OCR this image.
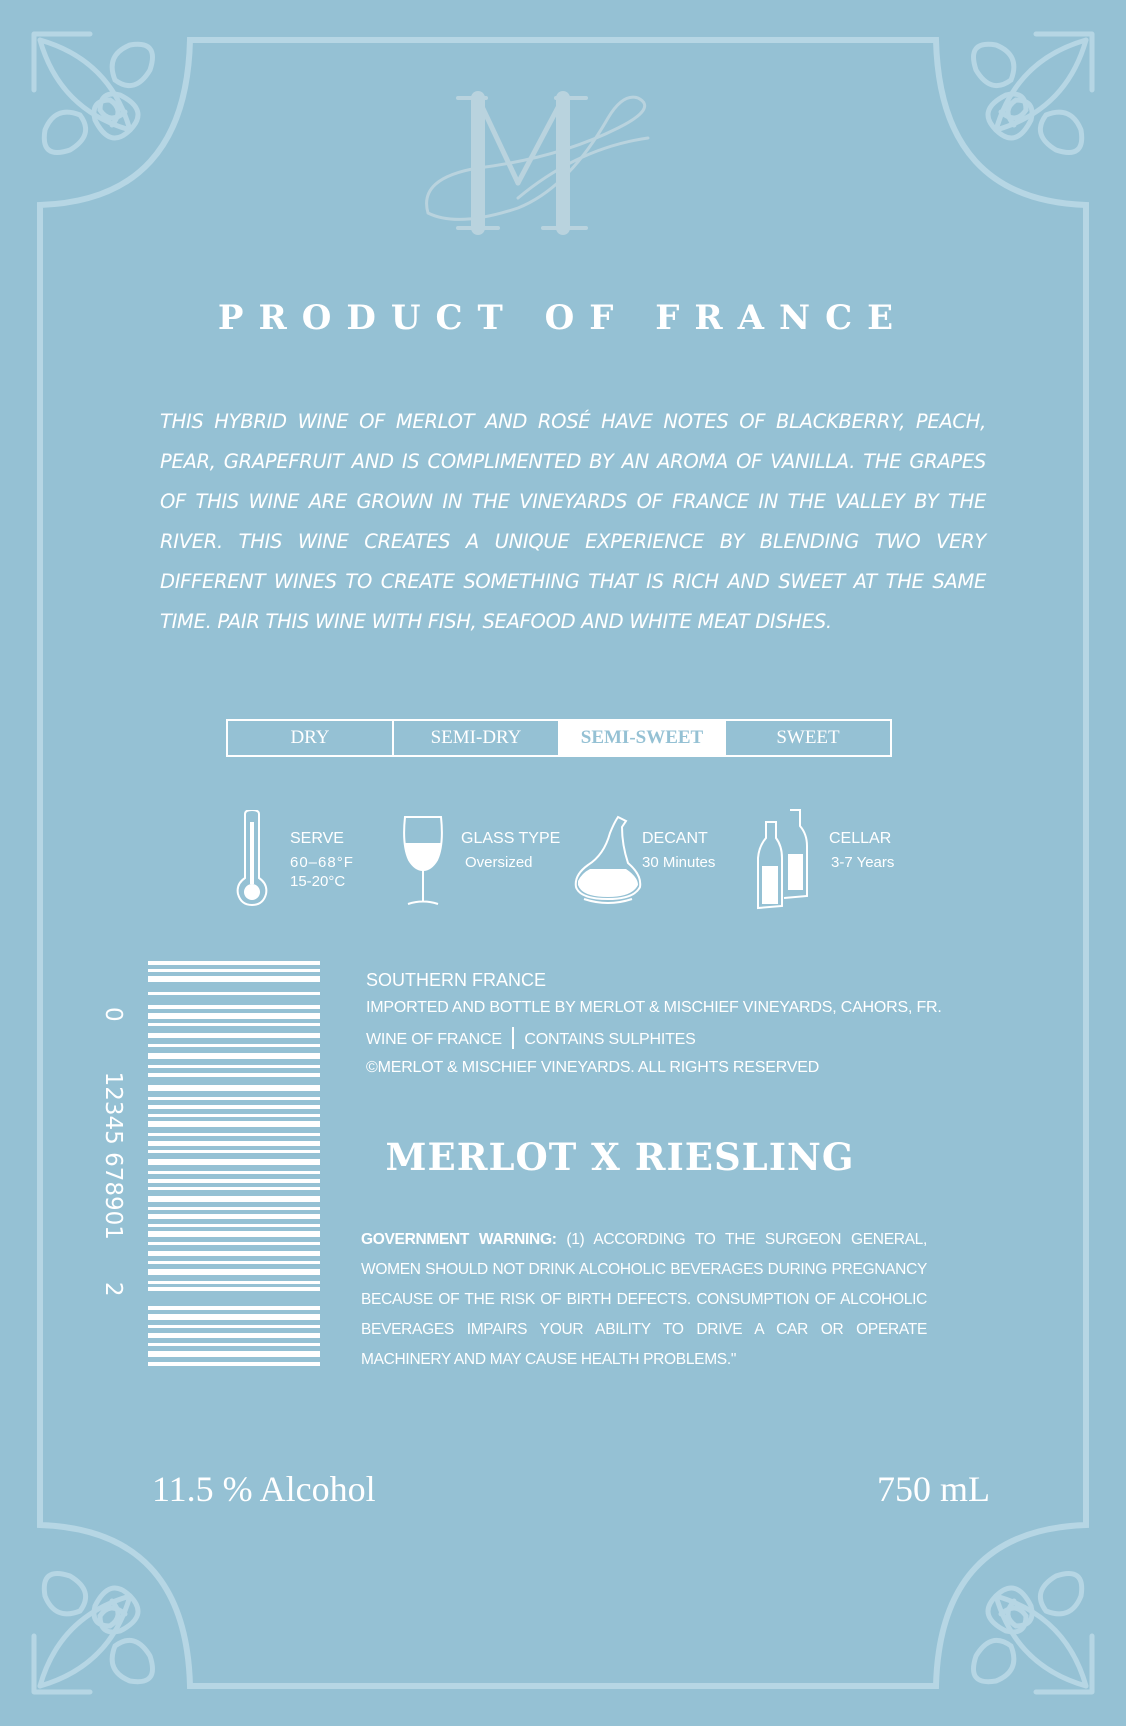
PRODUCT OF FRANCE

THIS HYBRID WINE OF MERLOT AND ROSÉ HAVE NOTES OF BLACKBERRY, PEACH, PEAR, GRAPEFRUIT AND IS COMPLIMENTED BY AN AROMA OF VANILLA. THE GRAPES OF THIS WINE ARE GROWN IN THE VINEYARDS OF FRANCE IN THE VALLEY BY THE RIVER. THIS WINE CREATES A UNIQUE EXPERIENCE BY BLENDING TWO VERY DIFFERENT WINES TO CREATE SOMETHING THAT IS RICH AND SWEET AT THE SAME TIME. PAIR THIS WINE WITH FISH, SEAFOOD AND WHITE MEAT DISHES.

DRY	SEMI-DRY	SEMI-SWEET	SWEET
SERVE
60–68°F
15-20°C
GLASS TYPE
Oversized
DECANT
30 Minutes
CELLAR
3-7 Years
0
12345 678901
2

SOUTHERN FRANCE

IMPORTED AND BOTTLE BY MERLOT & MISCHIEF VINEYARDS, CAHORS, FR.

WINE OF FRANCE CONTAINS SULPHITES

©MERLOT & MISCHIEF VINEYARDS. ALL RIGHTS RESERVED

MERLOT X RIESLING

GOVERNMENT WARNING: (1) ACCORDING TO THE SURGEON GENERAL, WOMEN SHOULD NOT DRINK ALCOHOLIC BEVERAGES DURING PREGNANCY BECAUSE OF THE RISK OF BIRTH DEFECTS. CONSUMPTION OF ALCOHOLIC BEVERAGES IMPAIRS YOUR ABILITY TO DRIVE A CAR OR OPERATE MACHINERY AND MAY CAUSE HEALTH PROBLEMS."

11.5 % Alcohol	750 mL
